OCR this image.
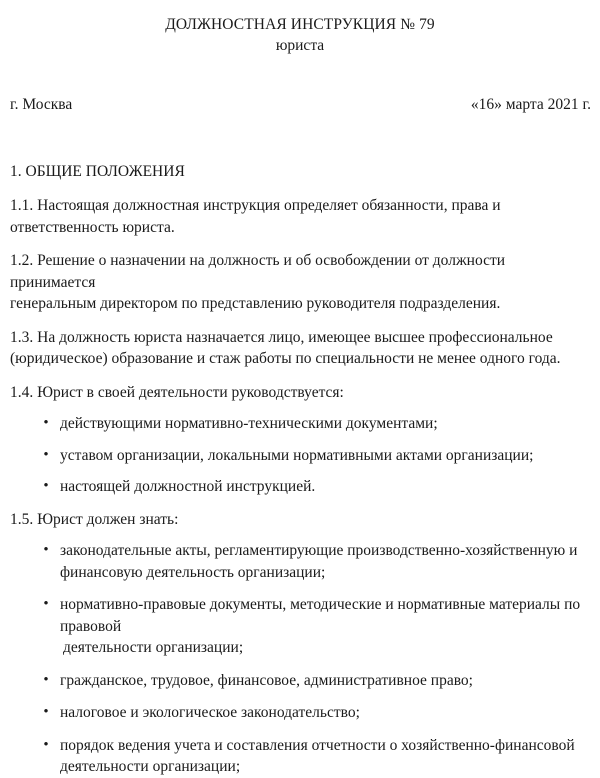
ДОЛЖНОСТНАЯ ИНСТРУКЦИЯ № 79
юриста
г. Москва	«16» марта 2021 г.
1. ОБЩИЕ ПОЛОЖЕНИЯ

1.1. Настоящая должностная инструкция определяет обязанности, права и ответственность юриста.

1.2. Решение о назначении на должность и об освобождении от должности принимается
генеральным директором по представлению руководителя подразделения.

1.3. На должность юриста назначается лицо, имеющее высшее профессиональное (юридическое) образование и стаж работы по специальности не менее одного года.

1.4. Юрист в своей деятельности руководствуется:

• действующими нормативно-техническими документами;
• уставом организации, локальными нормативными актами организации;
• настоящей должностной инструкцией.

1.5. Юрист должен знать:

• законодательные акты, регламентирующие производственно-хозяйственную и финансовую деятельность организации;
• нормативно-правовые документы, методические и нормативные материалы по правовой
деятельности организации;
• гражданское, трудовое, финансовое, административное право;
• налоговое и экологическое законодательство;
• порядок ведения учета и составления отчетности о хозяйственно-финансовой деятельности организации;
